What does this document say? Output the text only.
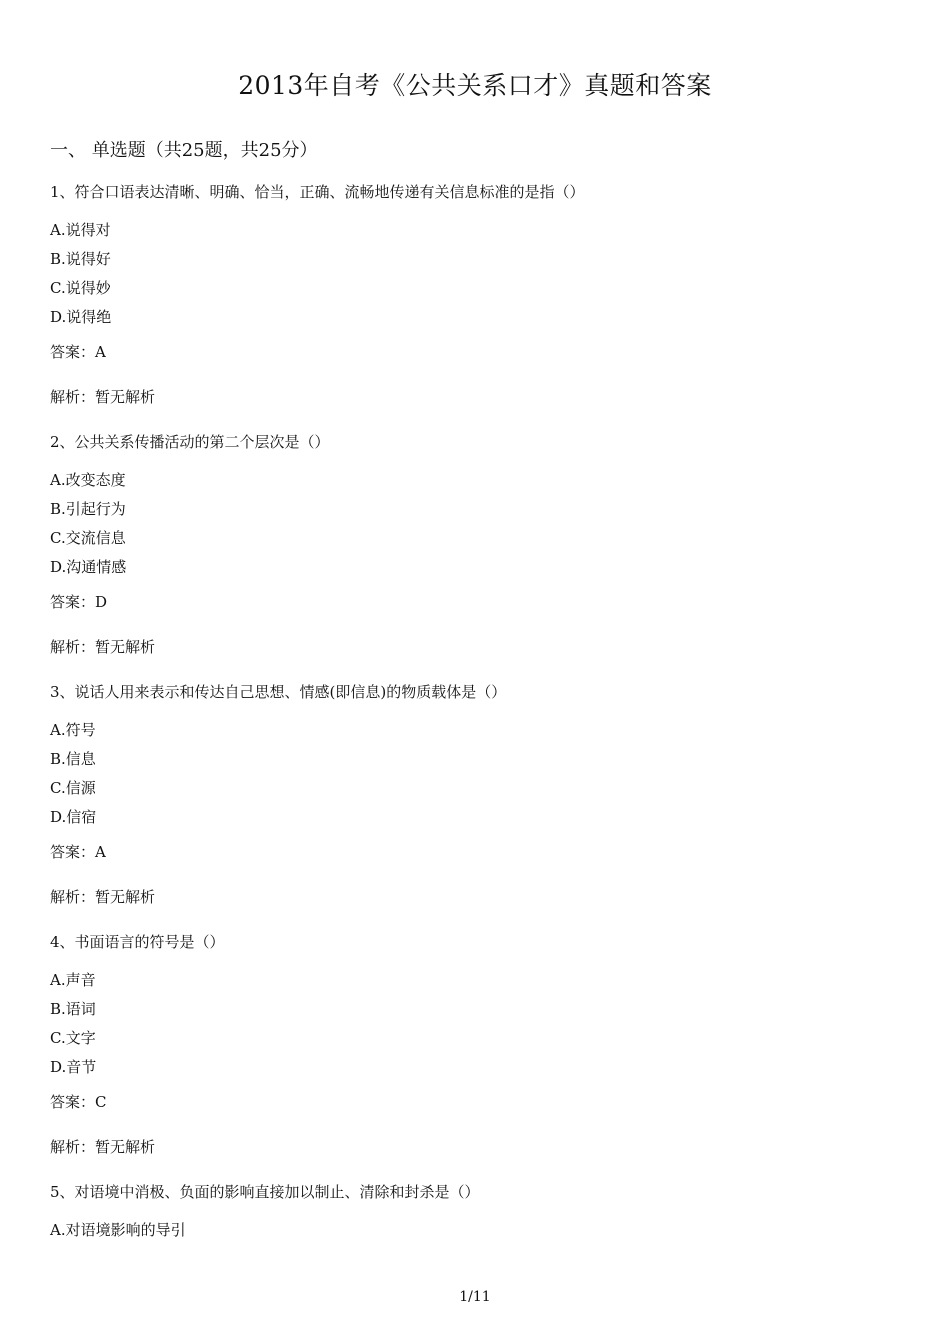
2013年自考《公共关系口才》真题和答案
一、 单选题（共25题，共25分）
1、符合口语表达清晰、明确、恰当，正确、流畅地传递有关信息标准的是指（）
A.说得对
B.说得好
C.说得妙
D.说得绝
答案：A
解析：暂无解析
2、公共关系传播活动的第二个层次是（）
A.改变态度
B.引起行为
C.交流信息
D.沟通情感
答案：D
解析：暂无解析
3、说话人用来表示和传达自己思想、情感(即信息)的物质载体是（）
A.符号
B.信息
C.信源
D.信宿
答案：A
解析：暂无解析
4、书面语言的符号是（）
A.声音
B.语词
C.文字
D.音节
答案：C
解析：暂无解析
5、对语境中消极、负面的影响直接加以制止、清除和封杀是（）
A.对语境影响的导引
1/11
